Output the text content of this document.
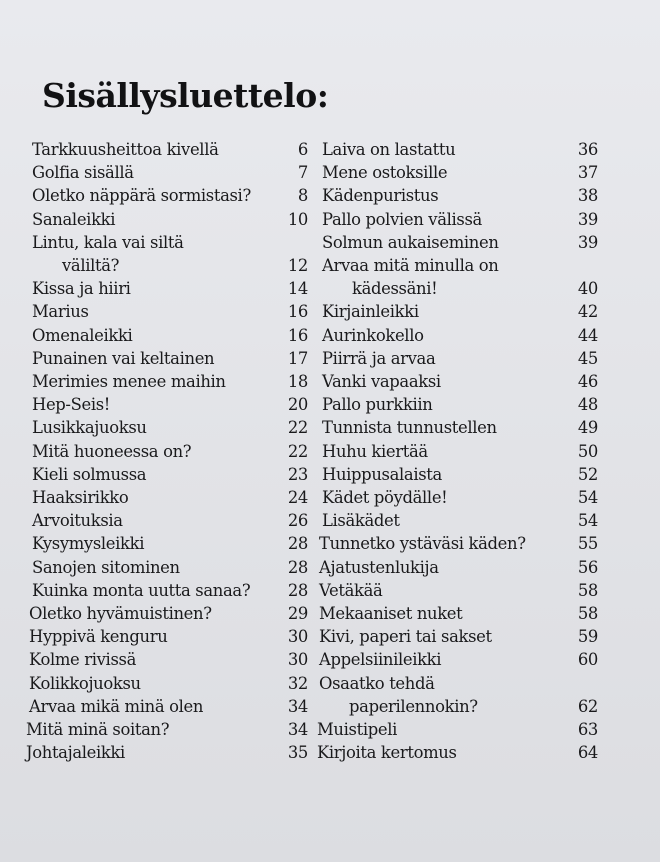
Sisällysluettelo:
Tarkkuusheittoa kivellä	6
Golfia sisällä	7
Oletko näppärä sormistasi?	8
Sanaleikki	10
Lintu, kala vai siltä
väliltä?	12
Kissa ja hiiri	14
Marius	16
Omenaleikki	16
Punainen vai keltainen	17
Merimies menee maihin	18
Hep-Seis!	20
Lusikkajuoksu	22
Mitä huoneessa on?	22
Kieli solmussa	23
Haaksirikko	24
Arvoituksia	26
Kysymysleikki	28
Sanojen sitominen	28
Kuinka monta uutta sanaa?	28
Oletko hyvämuistinen?	29
Hyppivä kenguru	30
Kolme rivissä	30
Kolikkojuoksu	32
Arvaa mikä minä olen	34
Mitä minä soitan?	34
Johtajaleikki	35
Laiva on lastattu	36
Mene ostoksille	37
Kädenpuristus	38
Pallo polvien välissä	39
Solmun aukaiseminen	39
Arvaa mitä minulla on
kädessäni!	40
Kirjainleikki	42
Aurinkokello	44
Piirrä ja arvaa	45
Vanki vapaaksi	46
Pallo purkkiin	48
Tunnista tunnustellen	49
Huhu kiertää	50
Huippusalaista	52
Kädet pöydälle!	54
Lisäkädet	54
Tunnetko ystäväsi käden?	55
Ajatustenlukija	56
Vetäkää	58
Mekaaniset nuket	58
Kivi, paperi tai sakset	59
Appelsiinileikki	60
Osaatko tehdä
paperilennokin?	62
Muistipeli	63
Kirjoita kertomus	64
